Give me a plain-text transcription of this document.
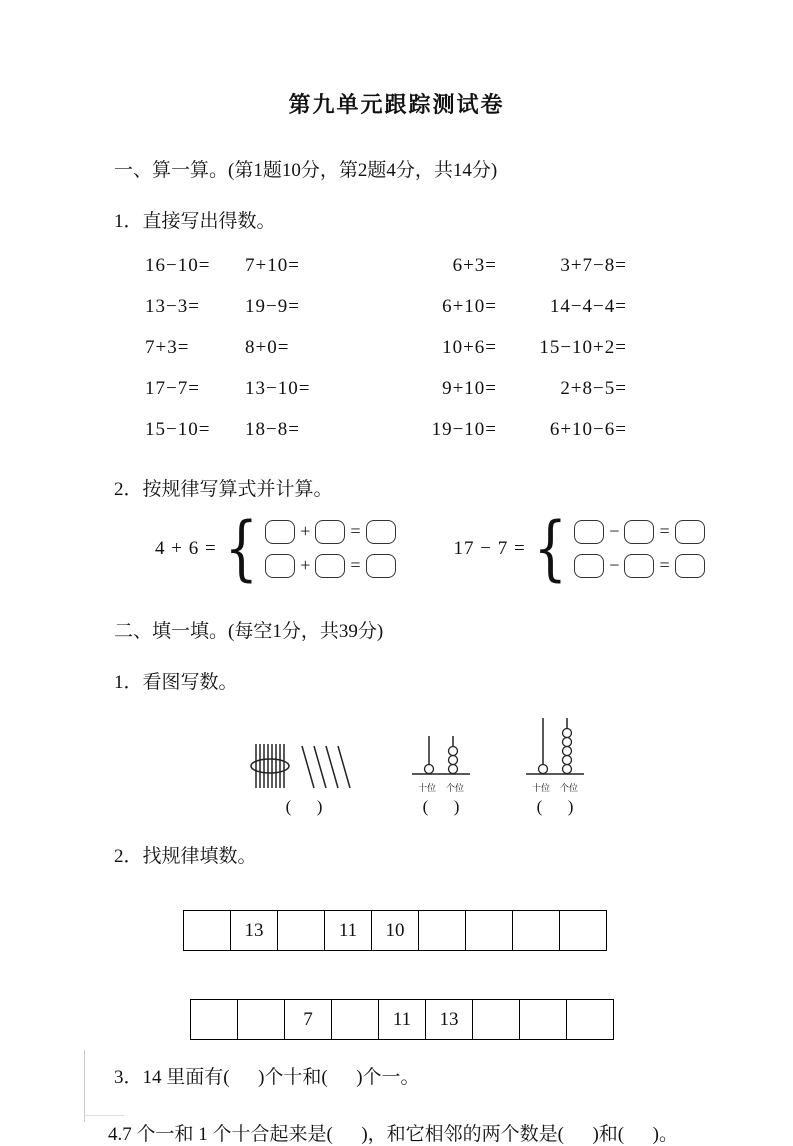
第九单元跟踪测试卷
一、算一算。(第1题10分，第2题4分，共14分)
1．直接写出得数。
16−10=	7+10=	6+3=	3+7−8=
13−3=	19−9=	6+10=	14−4−4=
7+3=	8+0=	10+6=	15−10+2=
17−7=	13−10=	9+10=	2+8−5=
15−10=	18−8=	19−10=	6+10−6=
2．按规律写算式并计算。
4 + 6 = { + =
+ =
17 − 7 = { − =
− =
二、填一填。(每空1分，共39分)
1．看图写数。
(      )
十位 个位
(      )
十位 个位
(      )
2．找规律填数。
	13		11	10				
		7		11	13			
3．14 里面有(      )个十和(      )个一。
4.7 个一和 1 个十合起来是(      )，和它相邻的两个数是(      )和(      )。
